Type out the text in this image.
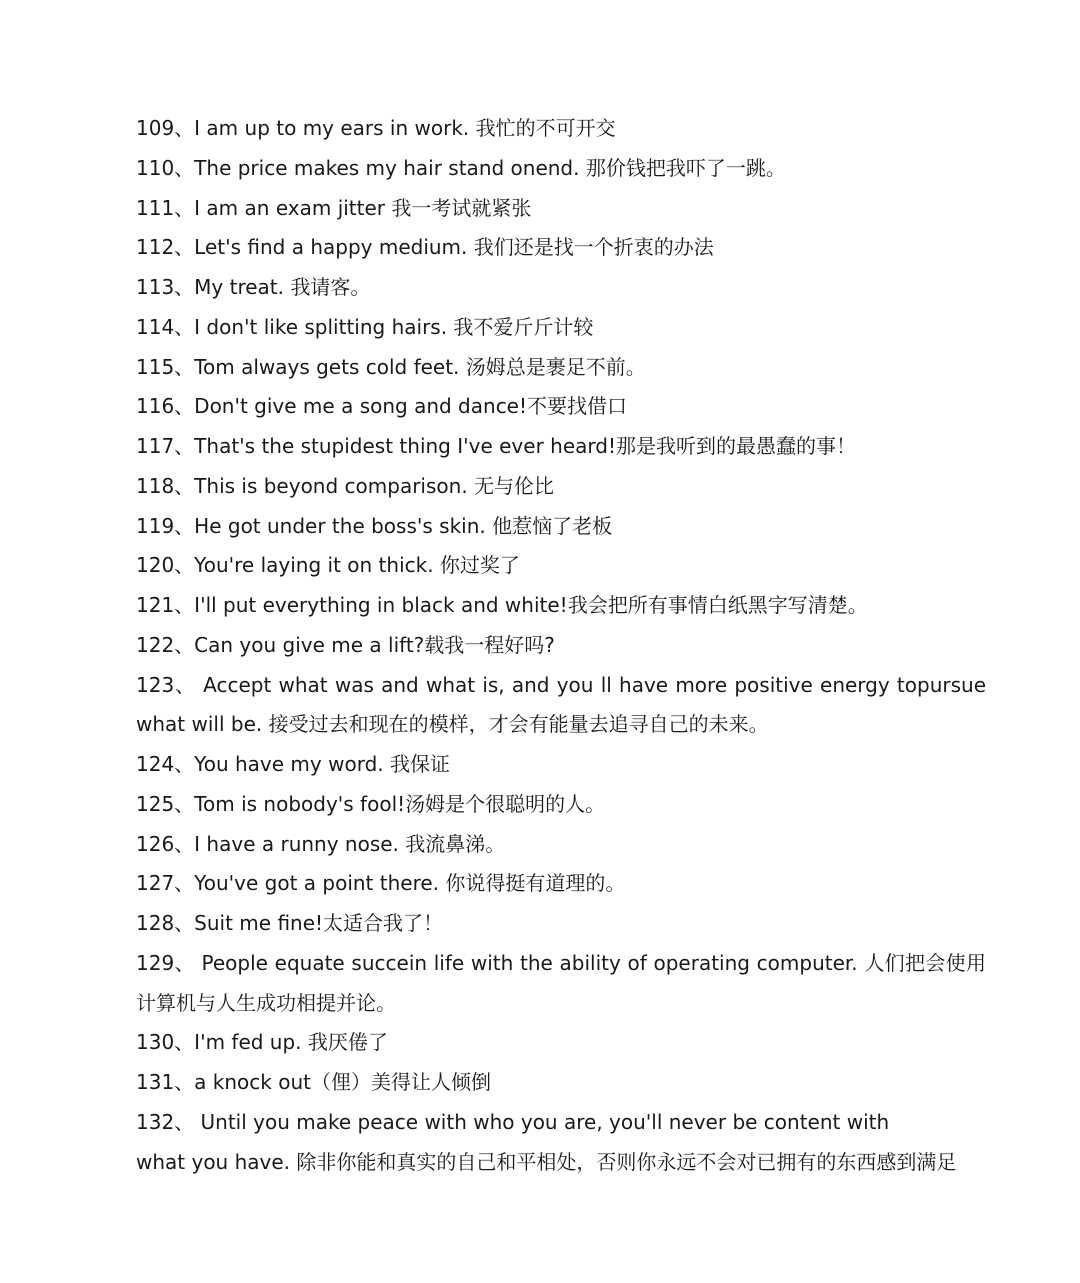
109、I am up to my ears in work. 我忙的不可开交
110、The price makes my hair stand onend. 那价钱把我吓了一跳。
111、I am an exam jitter 我一考试就紧张
112、Let's find a happy medium. 我们还是找一个折衷的办法
113、My treat. 我请客。
114、I don't like splitting hairs. 我不爱斤斤计较
115、Tom always gets cold feet. 汤姆总是裹足不前。
116、Don't give me a song and dance!不要找借口
117、That's the stupidest thing I've ever heard!那是我听到的最愚蠢的事！
118、This is beyond comparison. 无与伦比
119、He got under the boss's skin. 他惹恼了老板
120、You're laying it on thick. 你过奖了
121、I'll put everything in black and white!我会把所有事情白纸黑字写清楚。
122、Can you give me a lift?载我一程好吗?
123、 Accept what was and what is, and you ll have more positive energy topursue
what will be. 接受过去和现在的模样，才会有能量去追寻自己的未来。
124、You have my word. 我保证
125、Tom is nobody's fool!汤姆是个很聪明的人。
126、I have a runny nose. 我流鼻涕。
127、You've got a point there. 你说得挺有道理的。
128、Suit me fine!太适合我了！
129、 People equate succein life with the ability of operating computer. 人们把会使用
计算机与人生成功相提并论。
130、I'm fed up. 我厌倦了
131、a knock out（俚）美得让人倾倒
132、 Until you make peace with who you are, you'll never be content with
what you have. 除非你能和真实的自己和平相处，否则你永远不会对已拥有的东西感到满足
